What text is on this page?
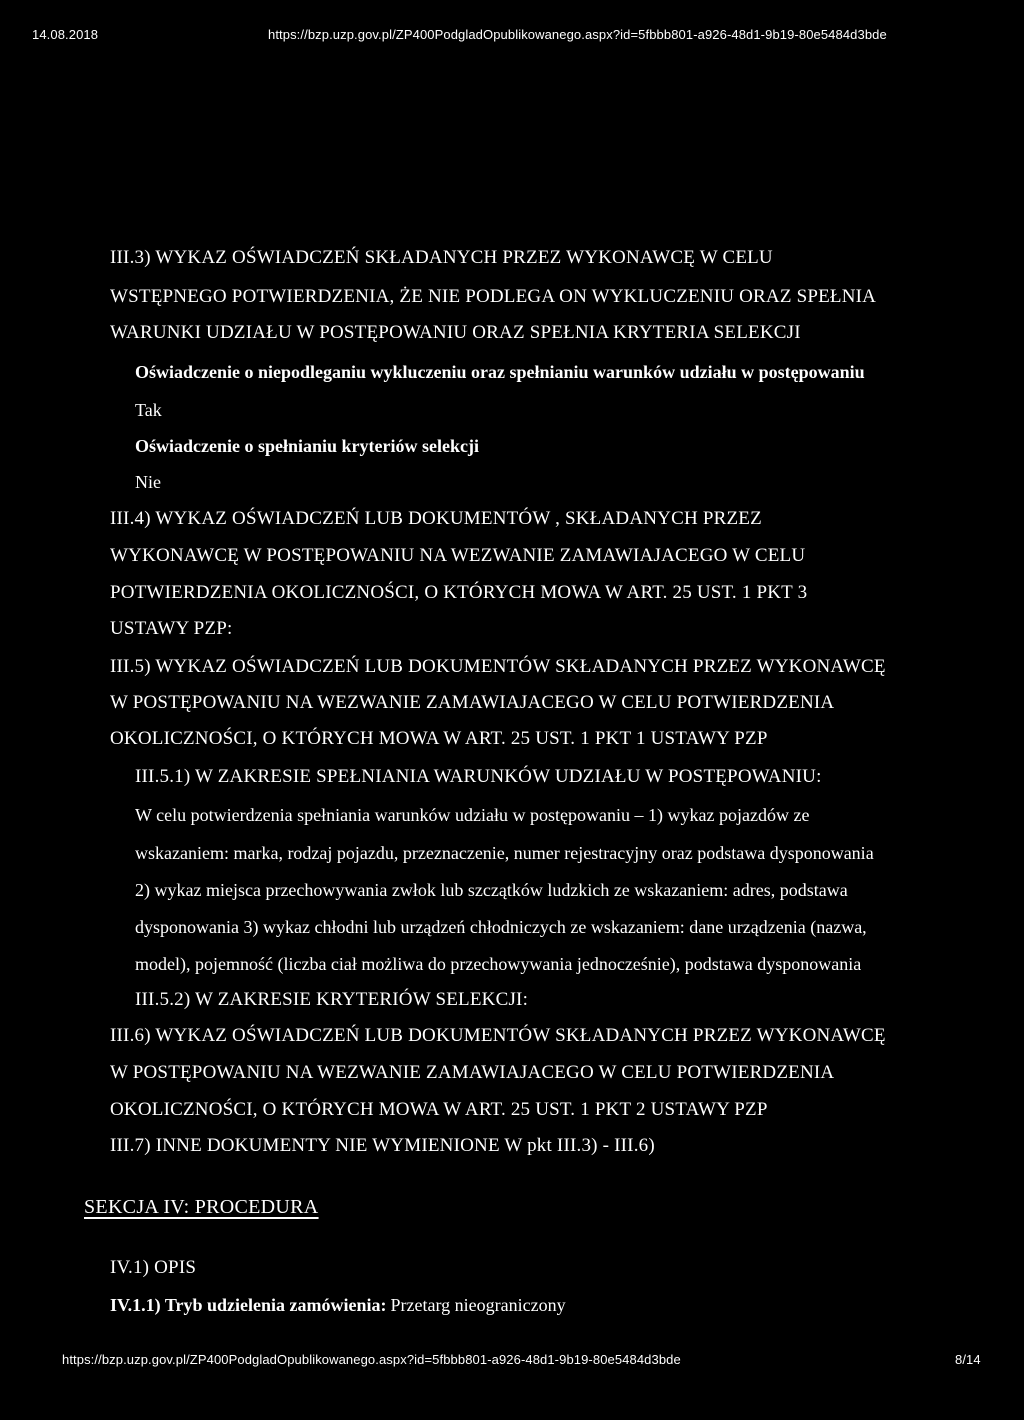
14.08.2018	https://bzp.uzp.gov.pl/ZP400PodgladOpublikowanego.aspx?id=5fbbb801-a926-48d1-9b19-80e5484d3bde
III.3) WYKAZ OŚWIADCZEŃ SKŁADANYCH PRZEZ WYKONAWCĘ W CELU
WSTĘPNEGO POTWIERDZENIA, ŻE NIE PODLEGA ON WYKLUCZENIU ORAZ SPEŁNIA
WARUNKI UDZIAŁU W POSTĘPOWANIU ORAZ SPEŁNIA KRYTERIA SELEKCJI
Oświadczenie o niepodleganiu wykluczeniu oraz spełnianiu warunków udziału w postępowaniu
Tak
Oświadczenie o spełnianiu kryteriów selekcji
Nie
III.4) WYKAZ OŚWIADCZEŃ LUB DOKUMENTÓW , SKŁADANYCH PRZEZ
WYKONAWCĘ W POSTĘPOWANIU NA WEZWANIE ZAMAWIAJACEGO W CELU
POTWIERDZENIA OKOLICZNOŚCI, O KTÓRYCH MOWA W ART. 25 UST. 1 PKT 3
USTAWY PZP:
III.5) WYKAZ OŚWIADCZEŃ LUB DOKUMENTÓW SKŁADANYCH PRZEZ WYKONAWCĘ
W POSTĘPOWANIU NA WEZWANIE ZAMAWIAJACEGO W CELU POTWIERDZENIA
OKOLICZNOŚCI, O KTÓRYCH MOWA W ART. 25 UST. 1 PKT 1 USTAWY PZP
III.5.1) W ZAKRESIE SPEŁNIANIA WARUNKÓW UDZIAŁU W POSTĘPOWANIU:
W celu potwierdzenia spełniania warunków udziału w postępowaniu – 1) wykaz pojazdów ze
wskazaniem: marka, rodzaj pojazdu, przeznaczenie, numer rejestracyjny oraz podstawa dysponowania
2) wykaz miejsca przechowywania zwłok lub szczątków ludzkich ze wskazaniem: adres, podstawa
dysponowania 3) wykaz chłodni lub urządzeń chłodniczych ze wskazaniem: dane urządzenia (nazwa,
model), pojemność (liczba ciał możliwa do przechowywania jednocześnie), podstawa dysponowania
III.5.2) W ZAKRESIE KRYTERIÓW SELEKCJI:
III.6) WYKAZ OŚWIADCZEŃ LUB DOKUMENTÓW SKŁADANYCH PRZEZ WYKONAWCĘ
W POSTĘPOWANIU NA WEZWANIE ZAMAWIAJACEGO W CELU POTWIERDZENIA
OKOLICZNOŚCI, O KTÓRYCH MOWA W ART. 25 UST. 1 PKT 2 USTAWY PZP
III.7) INNE DOKUMENTY NIE WYMIENIONE W pkt III.3) - III.6)
SEKCJA IV: PROCEDURA
IV.1) OPIS
IV.1.1) Tryb udzielenia zamówienia: Przetarg nieograniczony
https://bzp.uzp.gov.pl/ZP400PodgladOpublikowanego.aspx?id=5fbbb801-a926-48d1-9b19-80e5484d3bde	8/14
